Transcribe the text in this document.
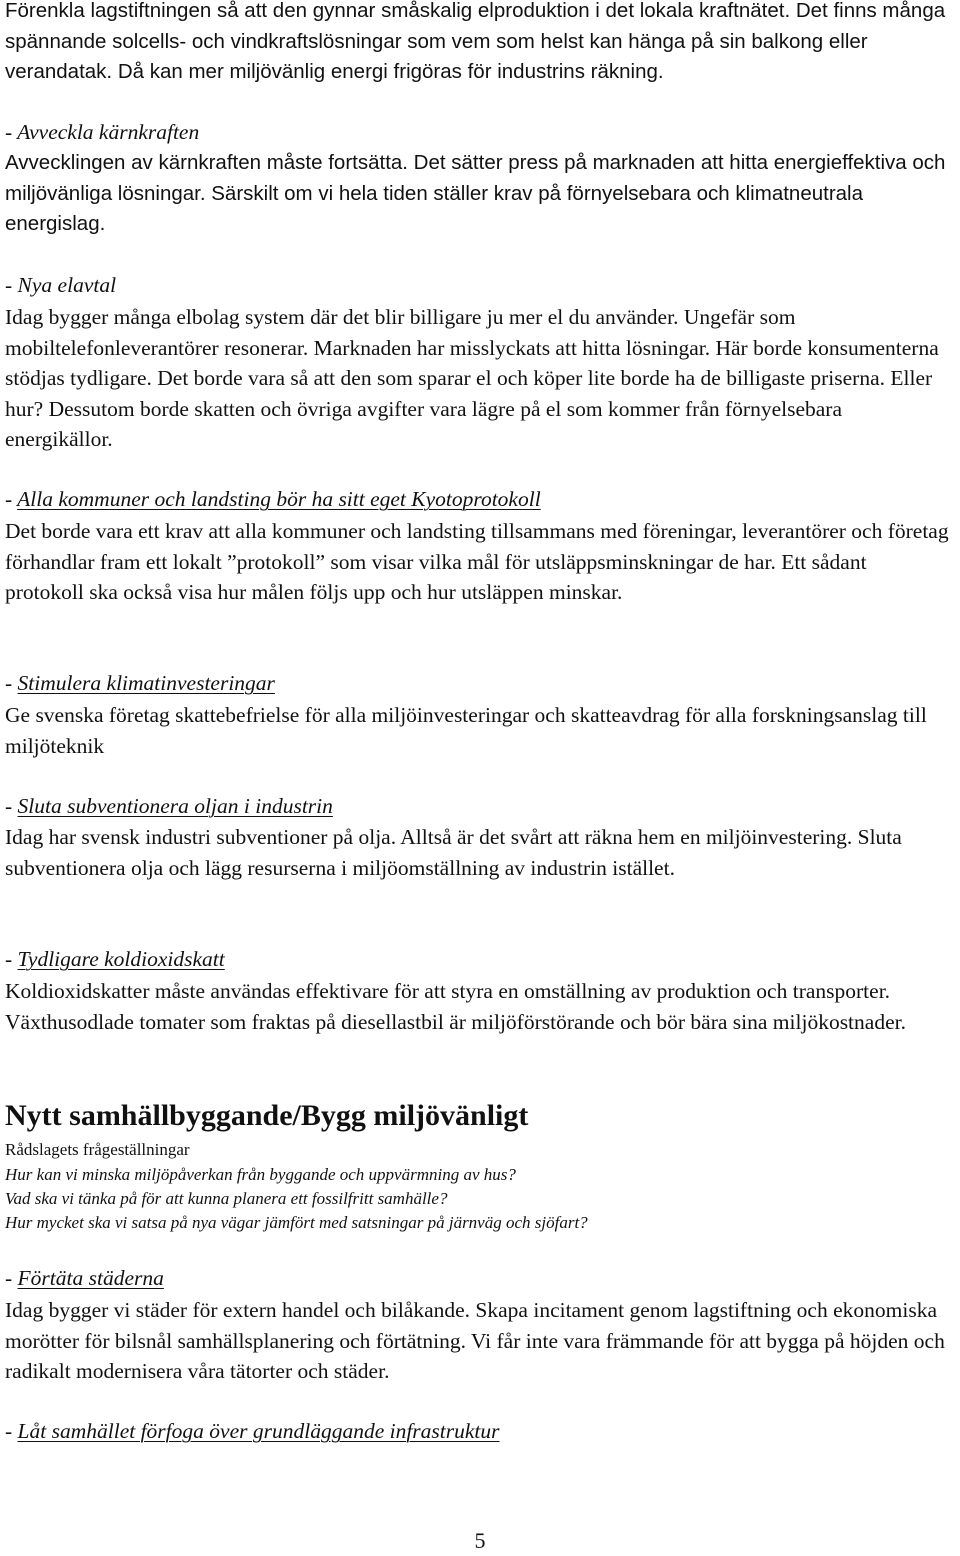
Förenkla lagstiftningen så att den gynnar småskalig elproduktion i det lokala kraftnätet. Det finns många spännande solcells- och vindkraftslösningar som vem som helst kan hänga på sin balkong eller verandatak. Då kan mer miljövänlig energi frigöras för industrins räkning.

- Avveckla kärnkraften

Avvecklingen av kärnkraften måste fortsätta. Det sätter press på marknaden att hitta energieffektiva och miljövänliga lösningar. Särskilt om vi hela tiden ställer krav på förnyelsebara och klimatneutrala energislag.

- Nya elavtal

Idag bygger många elbolag system där det blir billigare ju mer el du använder. Ungefär som mobiltelefonleverantörer resonerar. Marknaden har misslyckats att hitta lösningar. Här borde konsumenterna stödjas tydligare. Det borde vara så att den som sparar el och köper lite borde ha de billigaste priserna. Eller hur? Dessutom borde skatten och övriga avgifter vara lägre på el som kommer från förnyelsebara energikällor.

- Alla kommuner och landsting bör ha sitt eget Kyotoprotokoll

Det borde vara ett krav att alla kommuner och landsting tillsammans med föreningar, leverantörer och företag förhandlar fram ett lokalt ”protokoll” som visar vilka mål för utsläppsminskningar de har. Ett sådant protokoll ska också visa hur målen följs upp och hur utsläppen minskar.

- Stimulera klimatinvesteringar

Ge svenska företag skattebefrielse för alla miljöinvesteringar och skatteavdrag för alla forskningsanslag till miljöteknik

- Sluta subventionera oljan i industrin

Idag har svensk industri subventioner på olja. Alltså är det svårt att räkna hem en miljöinvestering. Sluta subventionera olja och lägg resurserna i miljöomställning av industrin istället.

- Tydligare koldioxidskatt

Koldioxidskatter måste användas effektivare för att styra en omställning av produktion och transporter. Växthusodlade tomater som fraktas på diesellastbil är miljöförstörande och bör bära sina miljökostnader.

Nytt samhällbyggande/Bygg miljövänligt

Rådslagets frågeställningar

Hur kan vi minska miljöpåverkan från byggande och uppvärmning av hus?

Vad ska vi tänka på för att kunna planera ett fossilfritt samhälle?

Hur mycket ska vi satsa på nya vägar jämfört med satsningar på järnväg och sjöfart?

- Förtäta städerna

Idag bygger vi städer för extern handel och bilåkande. Skapa incitament genom lagstiftning och ekonomiska morötter för bilsnål samhällsplanering och förtätning. Vi får inte vara främmande för att bygga på höjden och radikalt modernisera våra tätorter och städer.

- Låt samhället förfoga över grundläggande infrastruktur

5
